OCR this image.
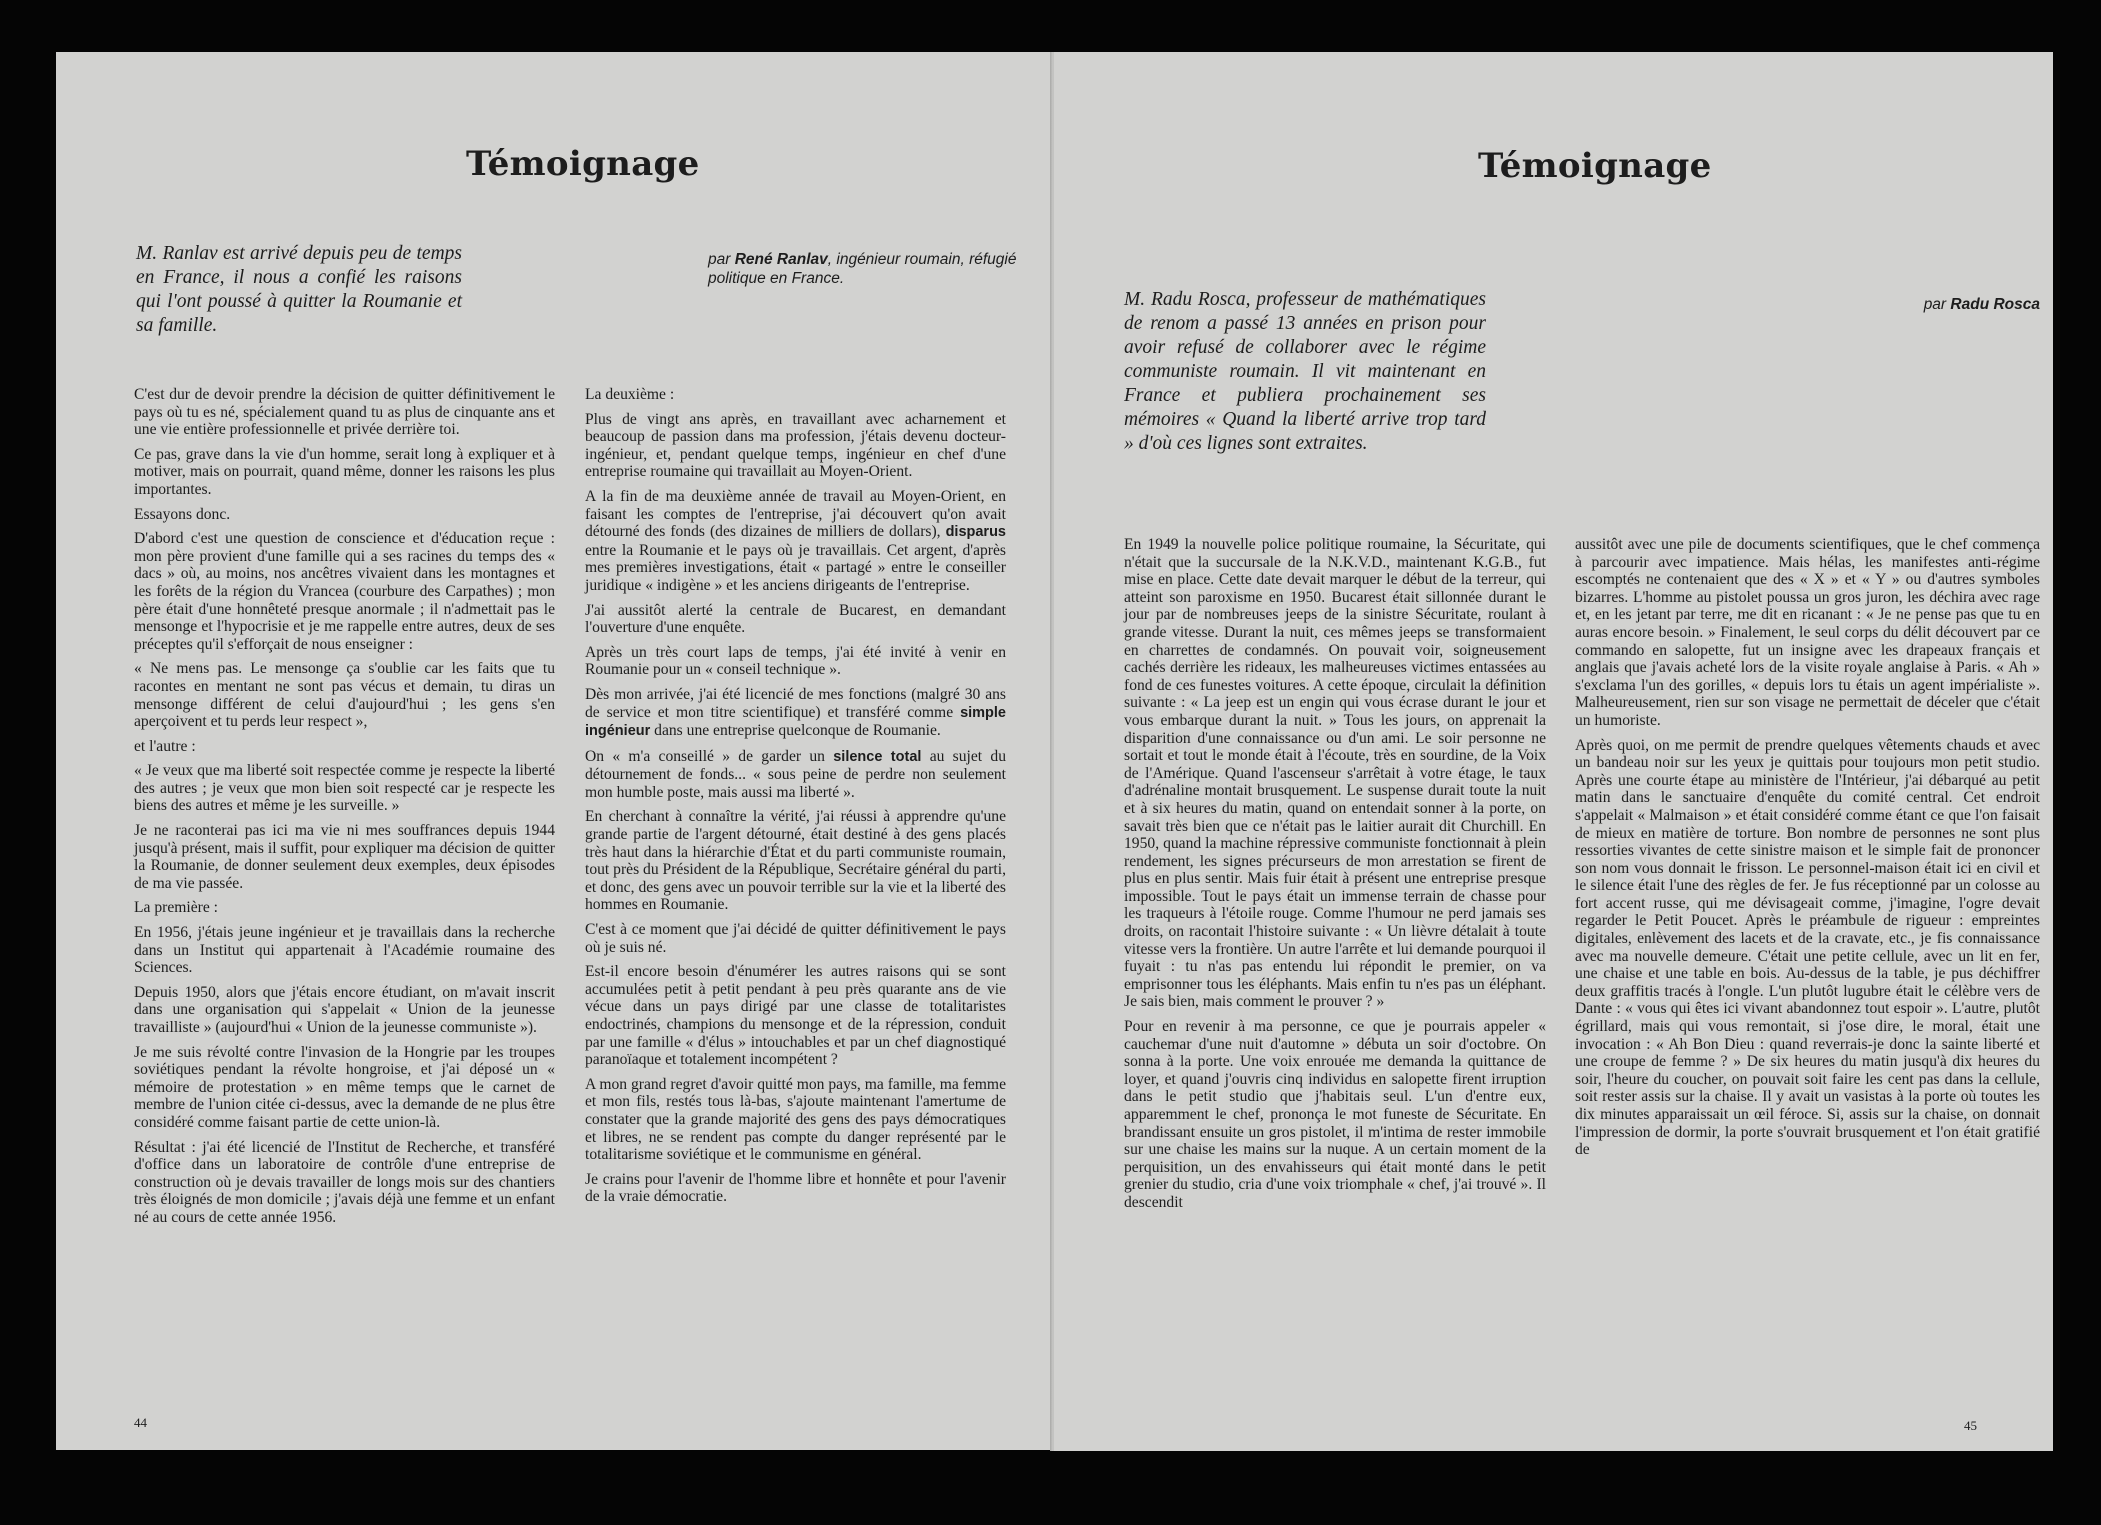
Témoignage
M. Ranlav est arrivé depuis peu de temps en France, il nous a confié les raisons qui l'ont poussé à quitter la Roumanie et sa famille.
par René Ranlav, ingénieur roumain, réfugié politique en France.

C'est dur de devoir prendre la décision de quitter définitivement le pays où tu es né, spécialement quand tu as plus de cinquante ans et une vie entière professionnelle et privée derrière toi.

Ce pas, grave dans la vie d'un homme, serait long à expliquer et à motiver, mais on pourrait, quand même, donner les raisons les plus importantes.

Essayons donc.

D'abord c'est une question de conscience et d'éducation reçue : mon père provient d'une famille qui a ses racines du temps des « dacs » où, au moins, nos ancêtres vivaient dans les montagnes et les forêts de la région du Vrancea (courbure des Carpathes) ; mon père était d'une honnêteté presque anormale ; il n'admettait pas le mensonge et l'hypocrisie et je me rappelle entre autres, deux de ses préceptes qu'il s'efforçait de nous enseigner :

« Ne mens pas. Le mensonge ça s'oublie car les faits que tu racontes en mentant ne sont pas vécus et demain, tu diras un mensonge différent de celui d'aujourd'hui ; les gens s'en aperçoivent et tu perds leur respect »,

et l'autre :

« Je veux que ma liberté soit respectée comme je respecte la liberté des autres ; je veux que mon bien soit respecté car je respecte les biens des autres et même je les surveille. »

Je ne raconterai pas ici ma vie ni mes souffrances depuis 1944 jusqu'à présent, mais il suffit, pour expliquer ma décision de quitter la Roumanie, de donner seulement deux exemples, deux épisodes de ma vie passée.

La première :

En 1956, j'étais jeune ingénieur et je travaillais dans la recherche dans un Institut qui appartenait à l'Académie roumaine des Sciences.

Depuis 1950, alors que j'étais encore étudiant, on m'avait inscrit dans une organisation qui s'appelait « Union de la jeunesse travailliste » (aujourd'hui « Union de la jeunesse communiste »).

Je me suis révolté contre l'invasion de la Hongrie par les troupes soviétiques pendant la révolte hongroise, et j'ai déposé un « mémoire de protestation » en même temps que le carnet de membre de l'union citée ci-dessus, avec la demande de ne plus être considéré comme faisant partie de cette union-là.

Résultat : j'ai été licencié de l'Institut de Recherche, et transféré d'office dans un laboratoire de contrôle d'une entreprise de construction où je devais travailler de longs mois sur des chantiers très éloignés de mon domicile ; j'avais déjà une femme et un enfant né au cours de cette année 1956.

La deuxième :

Plus de vingt ans après, en travaillant avec acharnement et beaucoup de passion dans ma profession, j'étais devenu docteur-ingénieur, et, pendant quelque temps, ingénieur en chef d'une entreprise roumaine qui travaillait au Moyen-Orient.

A la fin de ma deuxième année de travail au Moyen-Orient, en faisant les comptes de l'entreprise, j'ai découvert qu'on avait détourné des fonds (des dizaines de milliers de dollars), disparus entre la Roumanie et le pays où je travaillais. Cet argent, d'après mes premières investigations, était « partagé » entre le conseiller juridique « indigène » et les anciens dirigeants de l'entreprise.

J'ai aussitôt alerté la centrale de Bucarest, en demandant l'ouverture d'une enquête.

Après un très court laps de temps, j'ai été invité à venir en Roumanie pour un « conseil technique ».

Dès mon arrivée, j'ai été licencié de mes fonctions (malgré 30 ans de service et mon titre scientifique) et transféré comme simple ingénieur dans une entreprise quelconque de Roumanie.

On « m'a conseillé » de garder un silence total au sujet du détournement de fonds... « sous peine de perdre non seulement mon humble poste, mais aussi ma liberté ».

En cherchant à connaître la vérité, j'ai réussi à apprendre qu'une grande partie de l'argent détourné, était destiné à des gens placés très haut dans la hiérarchie d'État et du parti communiste roumain, tout près du Président de la République, Secrétaire général du parti, et donc, des gens avec un pouvoir terrible sur la vie et la liberté des hommes en Roumanie.

C'est à ce moment que j'ai décidé de quitter définitivement le pays où je suis né.

Est-il encore besoin d'énumérer les autres raisons qui se sont accumulées petit à petit pendant à peu près quarante ans de vie vécue dans un pays dirigé par une classe de totalitaristes endoctrinés, champions du mensonge et de la répression, conduit par une famille « d'élus » intouchables et par un chef diagnostiqué paranoïaque et totalement incompétent ?

A mon grand regret d'avoir quitté mon pays, ma famille, ma femme et mon fils, restés tous là-bas, s'ajoute maintenant l'amertume de constater que la grande majorité des gens des pays démocratiques et libres, ne se rendent pas compte du danger représenté par le totalitarisme soviétique et le communisme en général.

Je crains pour l'avenir de l'homme libre et honnête et pour l'avenir de la vraie démocratie.

44
Témoignage
M. Radu Rosca, professeur de mathématiques de renom a passé 13 années en prison pour avoir refusé de collaborer avec le régime communiste roumain. Il vit maintenant en France et publiera prochainement ses mémoires « Quand la liberté arrive trop tard » d'où ces lignes sont extraites.
par Radu Rosca

En 1949 la nouvelle police politique roumaine, la Sécuritate, qui n'était que la succursale de la N.K.V.D., maintenant K.G.B., fut mise en place. Cette date devait marquer le début de la terreur, qui atteint son paroxisme en 1950. Bucarest était sillonnée durant le jour par de nombreuses jeeps de la sinistre Sécuritate, roulant à grande vitesse. Durant la nuit, ces mêmes jeeps se transformaient en charrettes de condamnés. On pouvait voir, soigneusement cachés derrière les rideaux, les malheureuses victimes entassées au fond de ces funestes voitures. A cette époque, circulait la définition suivante : « La jeep est un engin qui vous écrase durant le jour et vous embarque durant la nuit. » Tous les jours, on apprenait la disparition d'une connaissance ou d'un ami. Le soir personne ne sortait et tout le monde était à l'écoute, très en sourdine, de la Voix de l'Amérique. Quand l'ascenseur s'arrêtait à votre étage, le taux d'adrénaline montait brusquement. Le suspense durait toute la nuit et à six heures du matin, quand on entendait sonner à la porte, on savait très bien que ce n'était pas le laitier aurait dit Churchill. En 1950, quand la machine répressive communiste fonctionnait à plein rendement, les signes précurseurs de mon arrestation se firent de plus en plus sentir. Mais fuir était à présent une entreprise presque impossible. Tout le pays était un immense terrain de chasse pour les traqueurs à l'étoile rouge. Comme l'humour ne perd jamais ses droits, on racontait l'histoire suivante : « Un lièvre détalait à toute vitesse vers la frontière. Un autre l'arrête et lui demande pourquoi il fuyait : tu n'as pas entendu lui répondit le premier, on va emprisonner tous les éléphants. Mais enfin tu n'es pas un éléphant. Je sais bien, mais comment le prouver ? »

Pour en revenir à ma personne, ce que je pourrais appeler « cauchemar d'une nuit d'automne » débuta un soir d'octobre. On sonna à la porte. Une voix enrouée me demanda la quittance de loyer, et quand j'ouvris cinq individus en salopette firent irruption dans le petit studio que j'habitais seul. L'un d'entre eux, apparemment le chef, prononça le mot funeste de Sécuritate. En brandissant ensuite un gros pistolet, il m'intima de rester immobile sur une chaise les mains sur la nuque. A un certain moment de la perquisition, un des envahisseurs qui était monté dans le petit grenier du studio, cria d'une voix triomphale « chef, j'ai trouvé ». Il descendit

aussitôt avec une pile de documents scientifiques, que le chef commença à parcourir avec impatience. Mais hélas, les manifestes anti-régime escomptés ne contenaient que des « X » et « Y » ou d'autres symboles bizarres. L'homme au pistolet poussa un gros juron, les déchira avec rage et, en les jetant par terre, me dit en ricanant : « Je ne pense pas que tu en auras encore besoin. » Finalement, le seul corps du délit découvert par ce commando en salopette, fut un insigne avec les drapeaux français et anglais que j'avais acheté lors de la visite royale anglaise à Paris. « Ah » s'exclama l'un des gorilles, « depuis lors tu étais un agent impérialiste ». Malheureusement, rien sur son visage ne permettait de déceler que c'était un humoriste.

Après quoi, on me permit de prendre quelques vêtements chauds et avec un bandeau noir sur les yeux je quittais pour toujours mon petit studio. Après une courte étape au ministère de l'Intérieur, j'ai débarqué au petit matin dans le sanctuaire d'enquête du comité central. Cet endroit s'appelait « Malmaison » et était considéré comme étant ce que l'on faisait de mieux en matière de torture. Bon nombre de personnes ne sont plus ressorties vivantes de cette sinistre maison et le simple fait de prononcer son nom vous donnait le frisson. Le personnel-maison était ici en civil et le silence était l'une des règles de fer. Je fus réceptionné par un colosse au fort accent russe, qui me dévisageait comme, j'imagine, l'ogre devait regarder le Petit Poucet. Après le préambule de rigueur : empreintes digitales, enlèvement des lacets et de la cravate, etc., je fis connaissance avec ma nouvelle demeure. C'était une petite cellule, avec un lit en fer, une chaise et une table en bois. Au-dessus de la table, je pus déchiffrer deux graffitis tracés à l'ongle. L'un plutôt lugubre était le célèbre vers de Dante : « vous qui êtes ici vivant abandonnez tout espoir ». L'autre, plutôt égrillard, mais qui vous remontait, si j'ose dire, le moral, était une invocation : « Ah Bon Dieu : quand reverrais-je donc la sainte liberté et une croupe de femme ? » De six heures du matin jusqu'à dix heures du soir, l'heure du coucher, on pouvait soit faire les cent pas dans la cellule, soit rester assis sur la chaise. Il y avait un vasistas à la porte où toutes les dix minutes apparaissait un œil féroce. Si, assis sur la chaise, on donnait l'impression de dormir, la porte s'ouvrait brusquement et l'on était gratifié de

45
